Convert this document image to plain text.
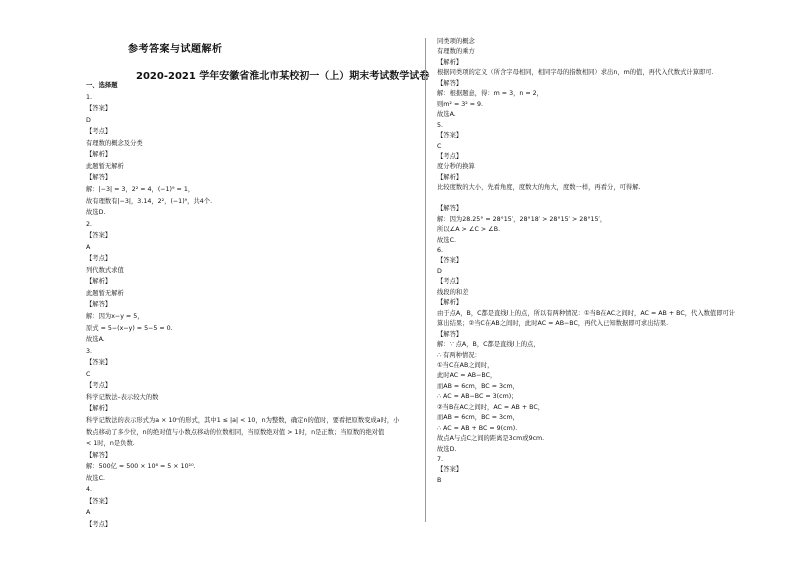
参考答案与试题解析
2020-2021 学年安徽省淮北市某校初一（上）期末考试数学试卷
一、选择题
1.
【答案】
D
【考点】
有理数的概念及分类
【解析】
此题暂无解析
【解答】
解：|−3| = 3，2² = 4，(−1)⁹ = 1，
故有理数有|−3|，3.14，2²，(−1)⁹，共4个.
故选D.
2.
【答案】
A
【考点】
列代数式求值
【解析】
此题暂无解析
【解答】
解：因为x−y = 5，
原式 = 5−(x−y) = 5−5 = 0.
故选A.
3.
【答案】
C
【考点】
科学记数法–表示较大的数
【解析】
科学记数法的表示形式为a × 10ⁿ的形式，其中1 ≤ |a| < 10，n为整数，确定n的值时，要看把原数变成a时，小
数点移动了多少位，n的绝对值与小数点移动的位数相同，当原数绝对值 > 1时，n是正数；当原数的绝对值
< 1时，n是负数.
【解答】
解：500亿 = 500 × 10⁸ = 5 × 10¹⁰.
故选C.
4.
【答案】
A
【考点】
同类项的概念
有理数的乘方
【解析】
根据同类项的定义（所含字母相同，相同字母的指数相同）求出n，m的值，再代入代数式计算即可.
【解答】
解：根据题意，得：m = 3，n = 2，
则m² = 3² = 9.
故选A.
5.
【答案】
C
【考点】
度分秒的换算
【解析】
比较度数的大小，先看角度，度数大的角大，度数一样，再看分，可得解.
【解答】
解：因为28.25° = 28°15′，28°18′ > 28°15′ > 28°15′，
所以∠A > ∠C > ∠B.
故选C.
6.
【答案】
D
【考点】
线段的和差
【解析】
由于点A，B，C都是直线l上的点，所以有两种情况：①当B在AC之间时，AC = AB + BC，代入数值即可计
算出结果；②当C在AB之间时，此时AC = AB−BC，再代入已知数据即可求出结果.
【解答】
解：∵ 点A，B，C都是直线l上的点，
∴ 有两种情况：
①当C在AB之间时，
此时AC = AB−BC，
而AB = 6cm，BC = 3cm，
∴ AC = AB−BC = 3(cm)；
②当B在AC之间时，AC = AB + BC，
而AB = 6cm，BC = 3cm，
∴ AC = AB + BC = 9(cm).
故点A与点C之间的距离是3cm或9cm.
故选D.
7.
【答案】
B
